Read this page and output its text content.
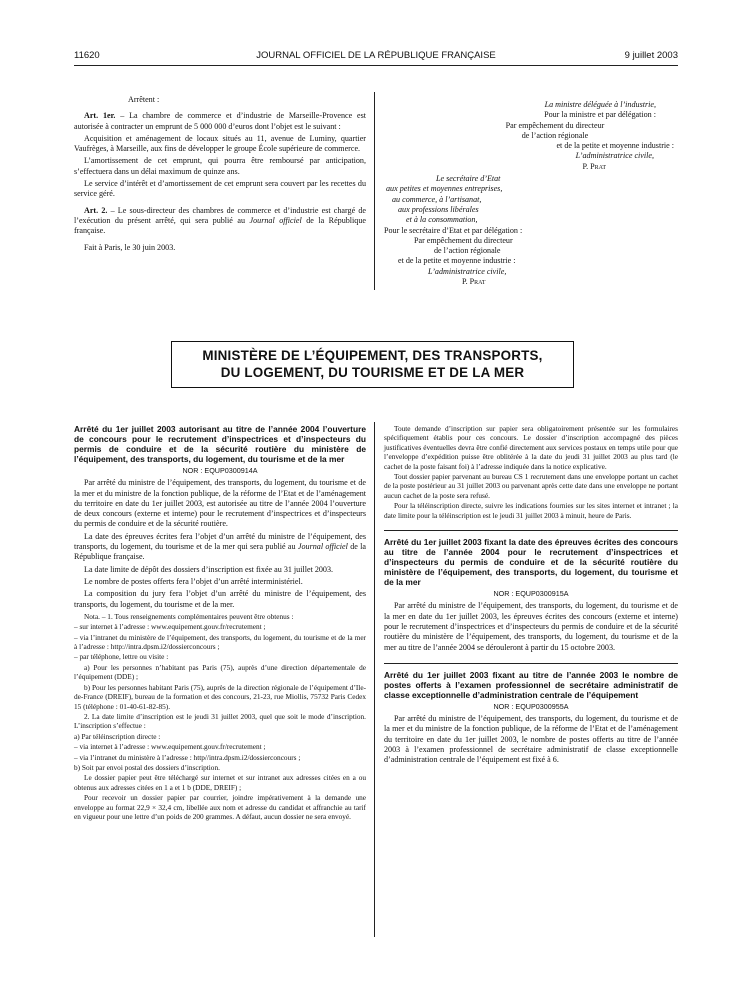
11620	JOURNAL OFFICIEL DE LA RÉPUBLIQUE FRANÇAISE	9 juillet 2003

Arrêtent :

Art. 1er. – La chambre de commerce et d’industrie de Marseille-Provence est autorisée à contracter un emprunt de 5 000 000 d’euros dont l’objet est le suivant :

Acquisition et aménagement de locaux situés au 11, avenue de Luminy, quartier Vaufrèges, à Marseille, aux fins de développer le groupe École supérieure de commerce.

L’amortissement de cet emprunt, qui pourra être remboursé par anticipation, s’effectuera dans un délai maximum de quinze ans.

Le service d’intérêt et d’amortissement de cet emprunt sera couvert par les recettes du service géré.

Art. 2. – Le sous-directeur des chambres de commerce et d’industrie est chargé de l’exécution du présent arrêté, qui sera publié au Journal officiel de la République française.

Fait à Paris, le 30 juin 2003.

La ministre déléguée à l’industrie,
Pour la ministre et par délégation :
Par empêchement du directeur
de l’action régionale
et de la petite et moyenne industrie :
L’administratrice civile,
P. Prat
Le secrétaire d’Etat
aux petites et moyennes entreprises,
au commerce, à l’artisanat,
aux professions libérales
et à la consommation,
Pour le secrétaire d’Etat et par délégation :
Par empêchement du directeur
de l’action régionale
et de la petite et moyenne industrie :
L’administratrice civile,
P. Prat
MINISTÈRE DE L’ÉQUIPEMENT, DES TRANSPORTS,
DU LOGEMENT, DU TOURISME ET DE LA MER

Arrêté du 1er juillet 2003 autorisant au titre de l’année 2004 l’ouverture de concours pour le recrutement d’inspectrices et d’inspecteurs du permis de conduire et de la sécurité routière du ministère de l’équipement, des transports, du logement, du tourisme et de la mer

NOR : EQUP0300914A

Par arrêté du ministre de l’équipement, des transports, du logement, du tourisme et de la mer et du ministre de la fonction publique, de la réforme de l’Etat et de l’aménagement du territoire en date du 1er juillet 2003, est autorisée au titre de l’année 2004 l’ouverture de deux concours (externe et interne) pour le recrutement d’inspectrices et d’inspecteurs du permis de conduire et de la sécurité routière.

La date des épreuves écrites fera l’objet d’un arrêté du ministre de l’équipement, des transports, du logement, du tourisme et de la mer qui sera publié au Journal officiel de la République française.

La date limite de dépôt des dossiers d’inscription est fixée au 31 juillet 2003.

Le nombre de postes offerts fera l’objet d’un arrêté interministériel.

La composition du jury fera l’objet d’un arrêté du ministre de l’équipement, des transports, du logement, du tourisme et de la mer.

Nota. – 1. Tous renseignements complémentaires peuvent être obtenus :

– sur internet à l’adresse : www.equipement.gouv.fr/recrutement ;

– via l’intranet du ministère de l’équipement, des transports, du logement, du tourisme et de la mer à l’adresse : http://intra.dpsm.i2/dossierconcours ;

– par téléphone, lettre ou visite :

a) Pour les personnes n’habitant pas Paris (75), auprès d’une direction départementale de l’équipement (DDE) ;

b) Pour les personnes habitant Paris (75), auprès de la direction régionale de l’équipement d’Ile-de-France (DREIF), bureau de la formation et des concours, 21-23, rue Miollis, 75732 Paris Cedex 15 (téléphone : 01-40-61-82-85).

2. La date limite d’inscription est le jeudi 31 juillet 2003, quel que soit le mode d’inscription. L’inscription s’effectue :

a) Par téléinscription directe :

– via internet à l’adresse : www.equipement.gouv.fr/recrutement ;

– via l’intranet du ministère à l’adresse : http//intra.dpsm.i2/dossierconcours ;

b) Soit par envoi postal des dossiers d’inscription.

Le dossier papier peut être téléchargé sur internet et sur intranet aux adresses citées en a ou obtenus aux adresses citées en 1 a et 1 b (DDE, DREIF) ;

Pour recevoir un dossier papier par courrier, joindre impérativement à la demande une enveloppe au format 22,9 × 32,4 cm, libellée aux nom et adresse du candidat et affranchie au tarif en vigueur pour une lettre d’un poids de 200 grammes. A défaut, aucun dossier ne sera envoyé.

Toute demande d’inscription sur papier sera obligatoirement présentée sur les formulaires spécifiquement établis pour ces concours. Le dossier d’inscription accompagné des pièces justificatives éventuelles devra être confié directement aux services postaux en temps utile pour que l’enveloppe d’expédition puisse être oblitérée à la date du jeudi 31 juillet 2003 au plus tard (le cachet de la poste faisant foi) à l’adresse indiquée dans la notice explicative.

Tout dossier papier parvenant au bureau CS 1 recrutement dans une enveloppe portant un cachet de la poste postérieur au 31 juillet 2003 ou parvenant après cette date dans une enveloppe ne portant aucun cachet de la poste sera refusé.

Pour la téléinscription directe, suivre les indications fournies sur les sites internet et intranet ; la date limite pour la téléinscription est le jeudi 31 juillet 2003 à minuit, heure de Paris.

Arrêté du 1er juillet 2003 fixant la date des épreuves écrites des concours au titre de l’année 2004 pour le recrutement d’inspectrices et d’inspecteurs du permis de conduire et de la sécurité routière du ministère de l’équipement, des transports, du logement, du tourisme et de la mer

NOR : EQUP0300915A

Par arrêté du ministre de l’équipement, des transports, du logement, du tourisme et de la mer en date du 1er juillet 2003, les épreuves écrites des concours (externe et interne) pour le recrutement d’inspectrices et d’inspecteurs du permis de conduire et de la sécurité routière du ministère de l’équipement, des transports, du logement, du tourisme et de la mer au titre de l’année 2004 se dérouleront à partir du 15 octobre 2003.

Arrêté du 1er juillet 2003 fixant au titre de l’année 2003 le nombre de postes offerts à l’examen professionnel de secrétaire administratif de classe exceptionnelle d’administration centrale de l’équipement

NOR : EQUP0300955A

Par arrêté du ministre de l’équipement, des transports, du logement, du tourisme et de la mer et du ministre de la fonction publique, de la réforme de l’Etat et de l’aménagement du territoire en date du 1er juillet 2003, le nombre de postes offerts au titre de l’année 2003 à l’examen professionnel de secrétaire administratif de classe exceptionnelle d’administration centrale de l’équipement est fixé à 6.
